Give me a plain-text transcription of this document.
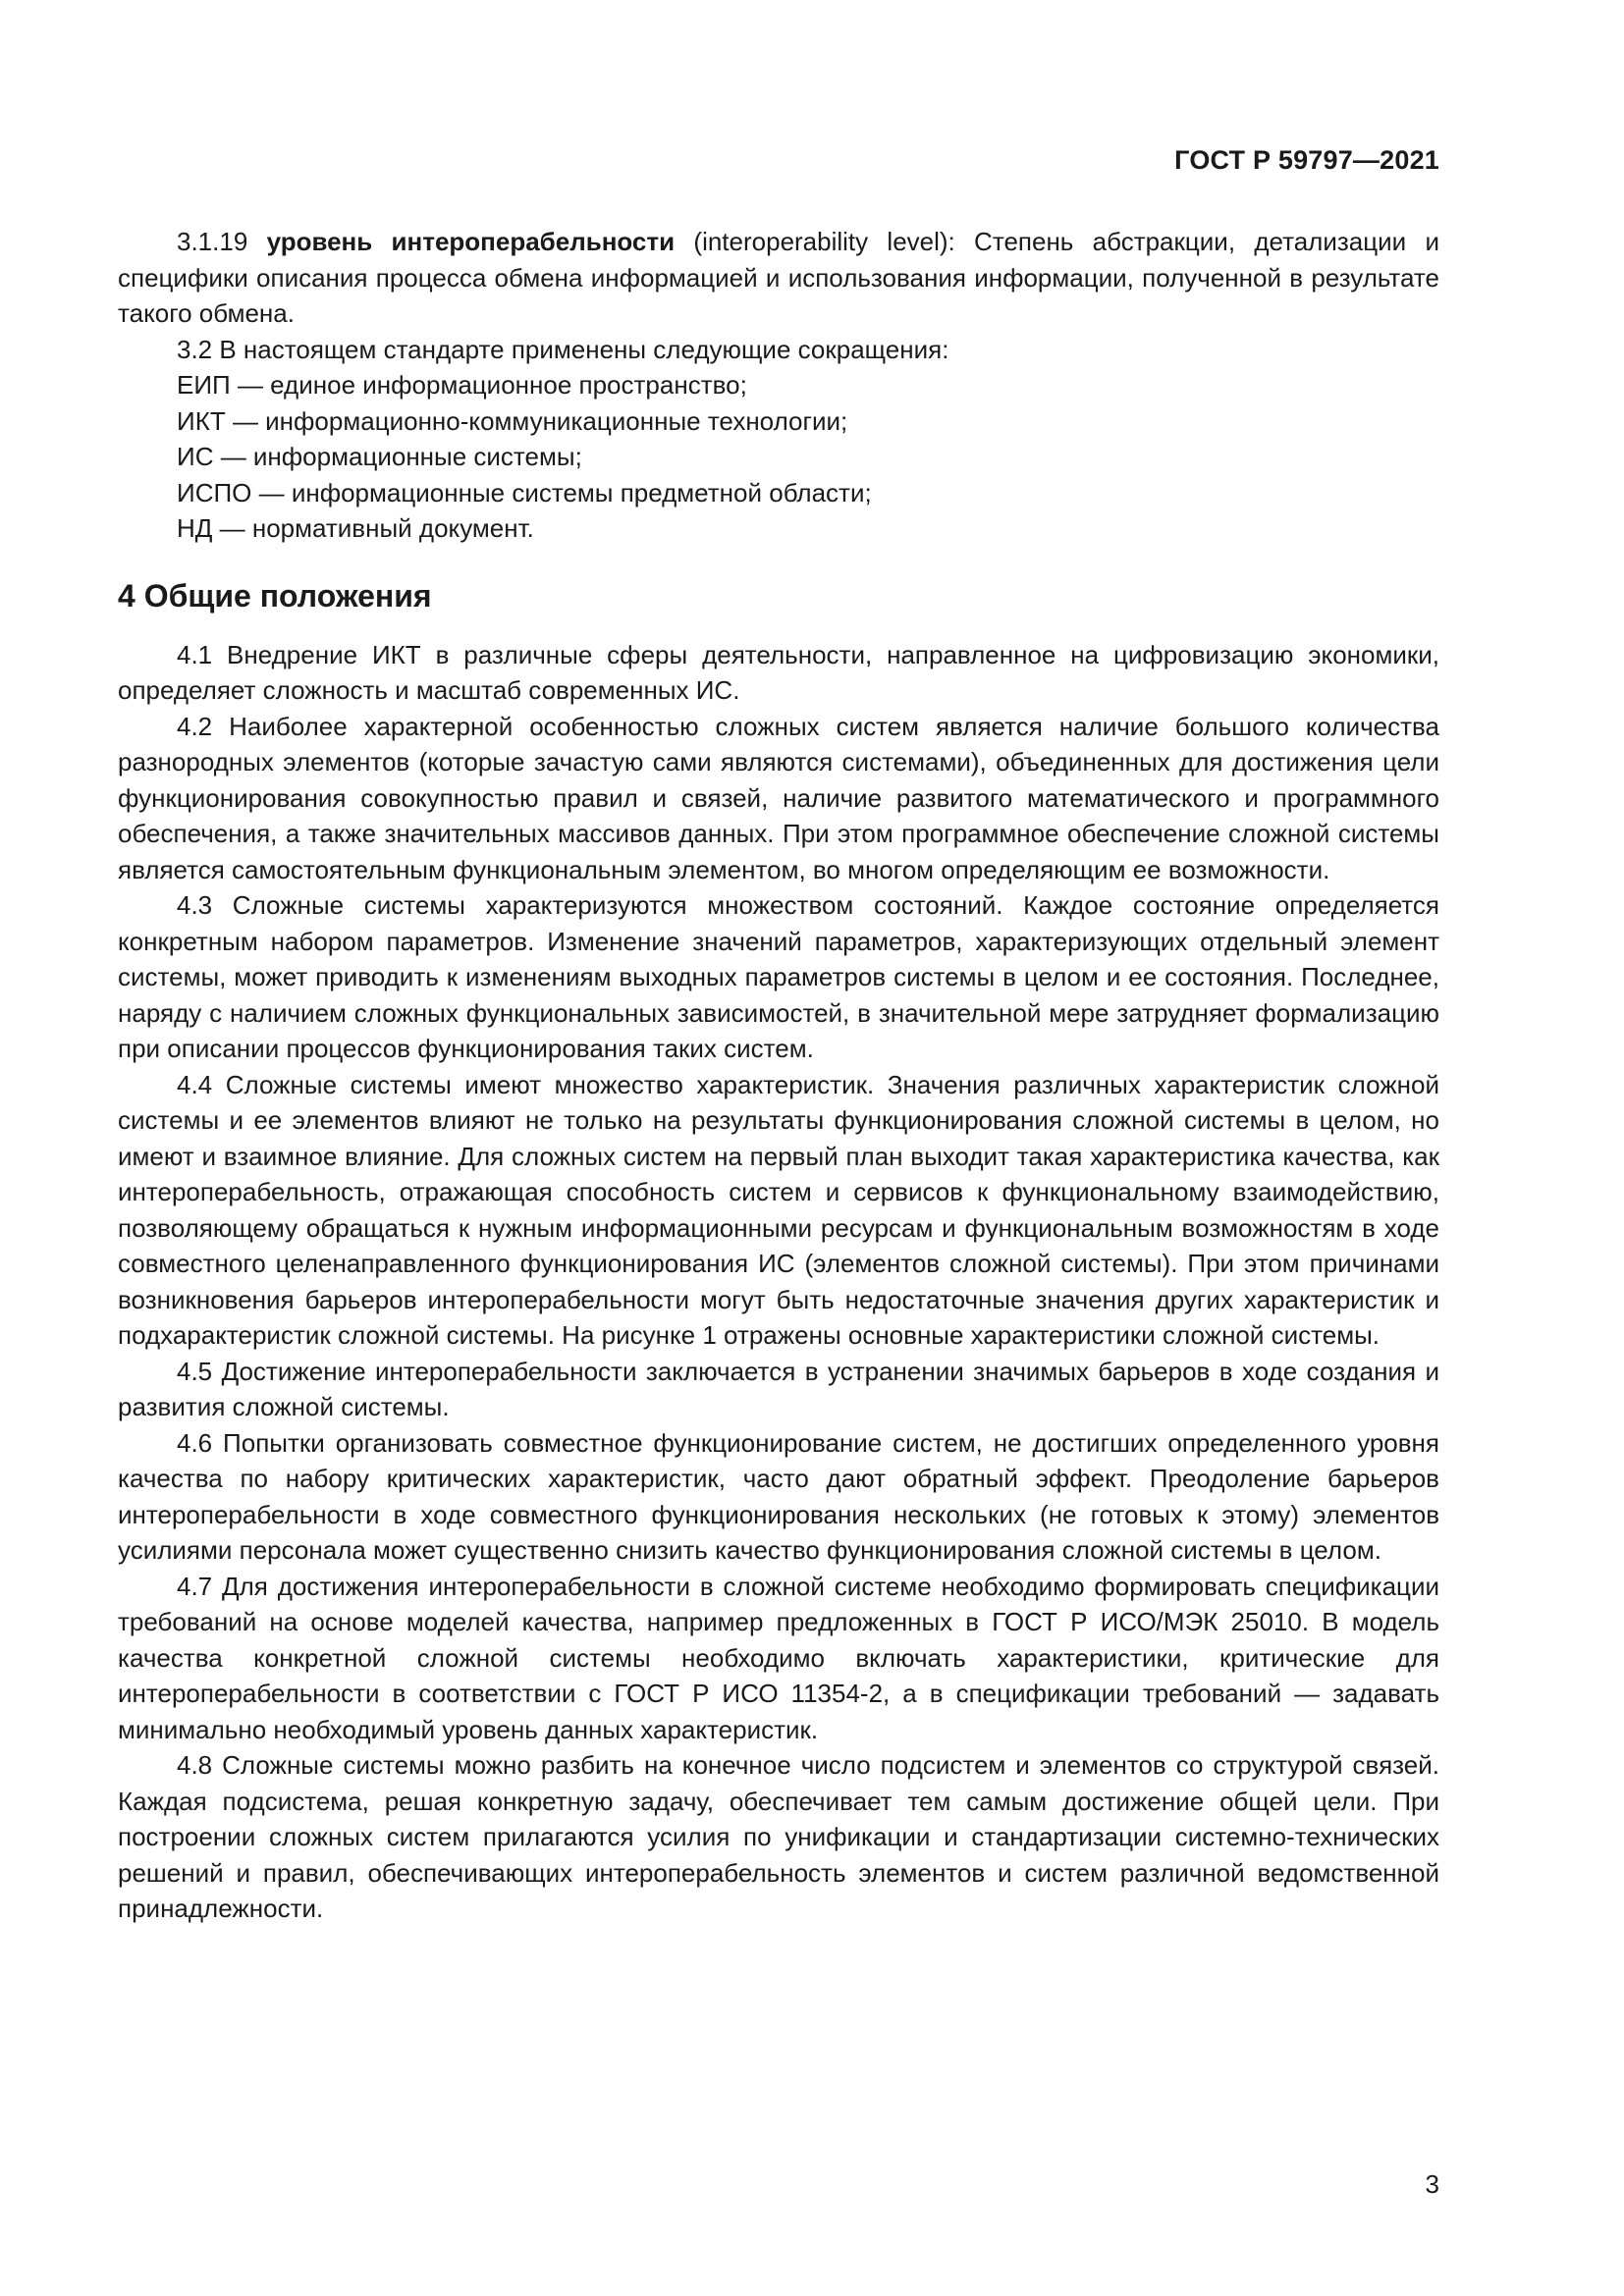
ГОСТ Р 59797—2021

3.1.19 уровень интероперабельности (interoperability level): Степень абстракции, детализации и специфики описания процесса обмена информацией и использования информации, полученной в результате такого обмена.

3.2 В настоящем стандарте применены следующие сокращения:

ЕИП — единое информационное пространство;

ИКТ — информационно-коммуникационные технологии;

ИС — информационные системы;

ИСПО — информационные системы предметной области;

НД — нормативный документ.

4 Общие положения

4.1 Внедрение ИКТ в различные сферы деятельности, направленное на цифровизацию экономики, определяет сложность и масштаб современных ИС.

4.2 Наиболее характерной особенностью сложных систем является наличие большого количества разнородных элементов (которые зачастую сами являются системами), объединенных для достижения цели функционирования совокупностью правил и связей, наличие развитого математического и программного обеспечения, а также значительных массивов данных. При этом программное обеспечение сложной системы является самостоятельным функциональным элементом, во многом определяющим ее возможности.

4.3 Сложные системы характеризуются множеством состояний. Каждое состояние определяется конкретным набором параметров. Изменение значений параметров, характеризующих отдельный элемент системы, может приводить к изменениям выходных параметров системы в целом и ее состояния. Последнее, наряду с наличием сложных функциональных зависимостей, в значительной мере затрудняет формализацию при описании процессов функционирования таких систем.

4.4 Сложные системы имеют множество характеристик. Значения различных характеристик сложной системы и ее элементов влияют не только на результаты функционирования сложной системы в целом, но имеют и взаимное влияние. Для сложных систем на первый план выходит такая характеристика качества, как интероперабельность, отражающая способность систем и сервисов к функциональному взаимодействию, позволяющему обращаться к нужным информационными ресурсам и функциональным возможностям в ходе совместного целенаправленного функционирования ИС (элементов сложной системы). При этом причинами возникновения барьеров интероперабельности могут быть недостаточные значения других характеристик и подхарактеристик сложной системы. На рисунке 1 отражены основные характеристики сложной системы.

4.5 Достижение интероперабельности заключается в устранении значимых барьеров в ходе создания и развития сложной системы.

4.6 Попытки организовать совместное функционирование систем, не достигших определенного уровня качества по набору критических характеристик, часто дают обратный эффект. Преодоление барьеров интероперабельности в ходе совместного функционирования нескольких (не готовых к этому) элементов усилиями персонала может существенно снизить качество функционирования сложной системы в целом.

4.7 Для достижения интероперабельности в сложной системе необходимо формировать спецификации требований на основе моделей качества, например предложенных в ГОСТ Р ИСО/МЭК 25010. В модель качества конкретной сложной системы необходимо включать характеристики, критические для интероперабельности в соответствии с ГОСТ Р ИСО 11354-2, а в спецификации требований — задавать минимально необходимый уровень данных характеристик.

4.8 Сложные системы можно разбить на конечное число подсистем и элементов со структурой связей. Каждая подсистема, решая конкретную задачу, обеспечивает тем самым достижение общей цели. При построении сложных систем прилагаются усилия по унификации и стандартизации системно-технических решений и правил, обеспечивающих интероперабельность элементов и систем различной ведомственной принадлежности.

3
